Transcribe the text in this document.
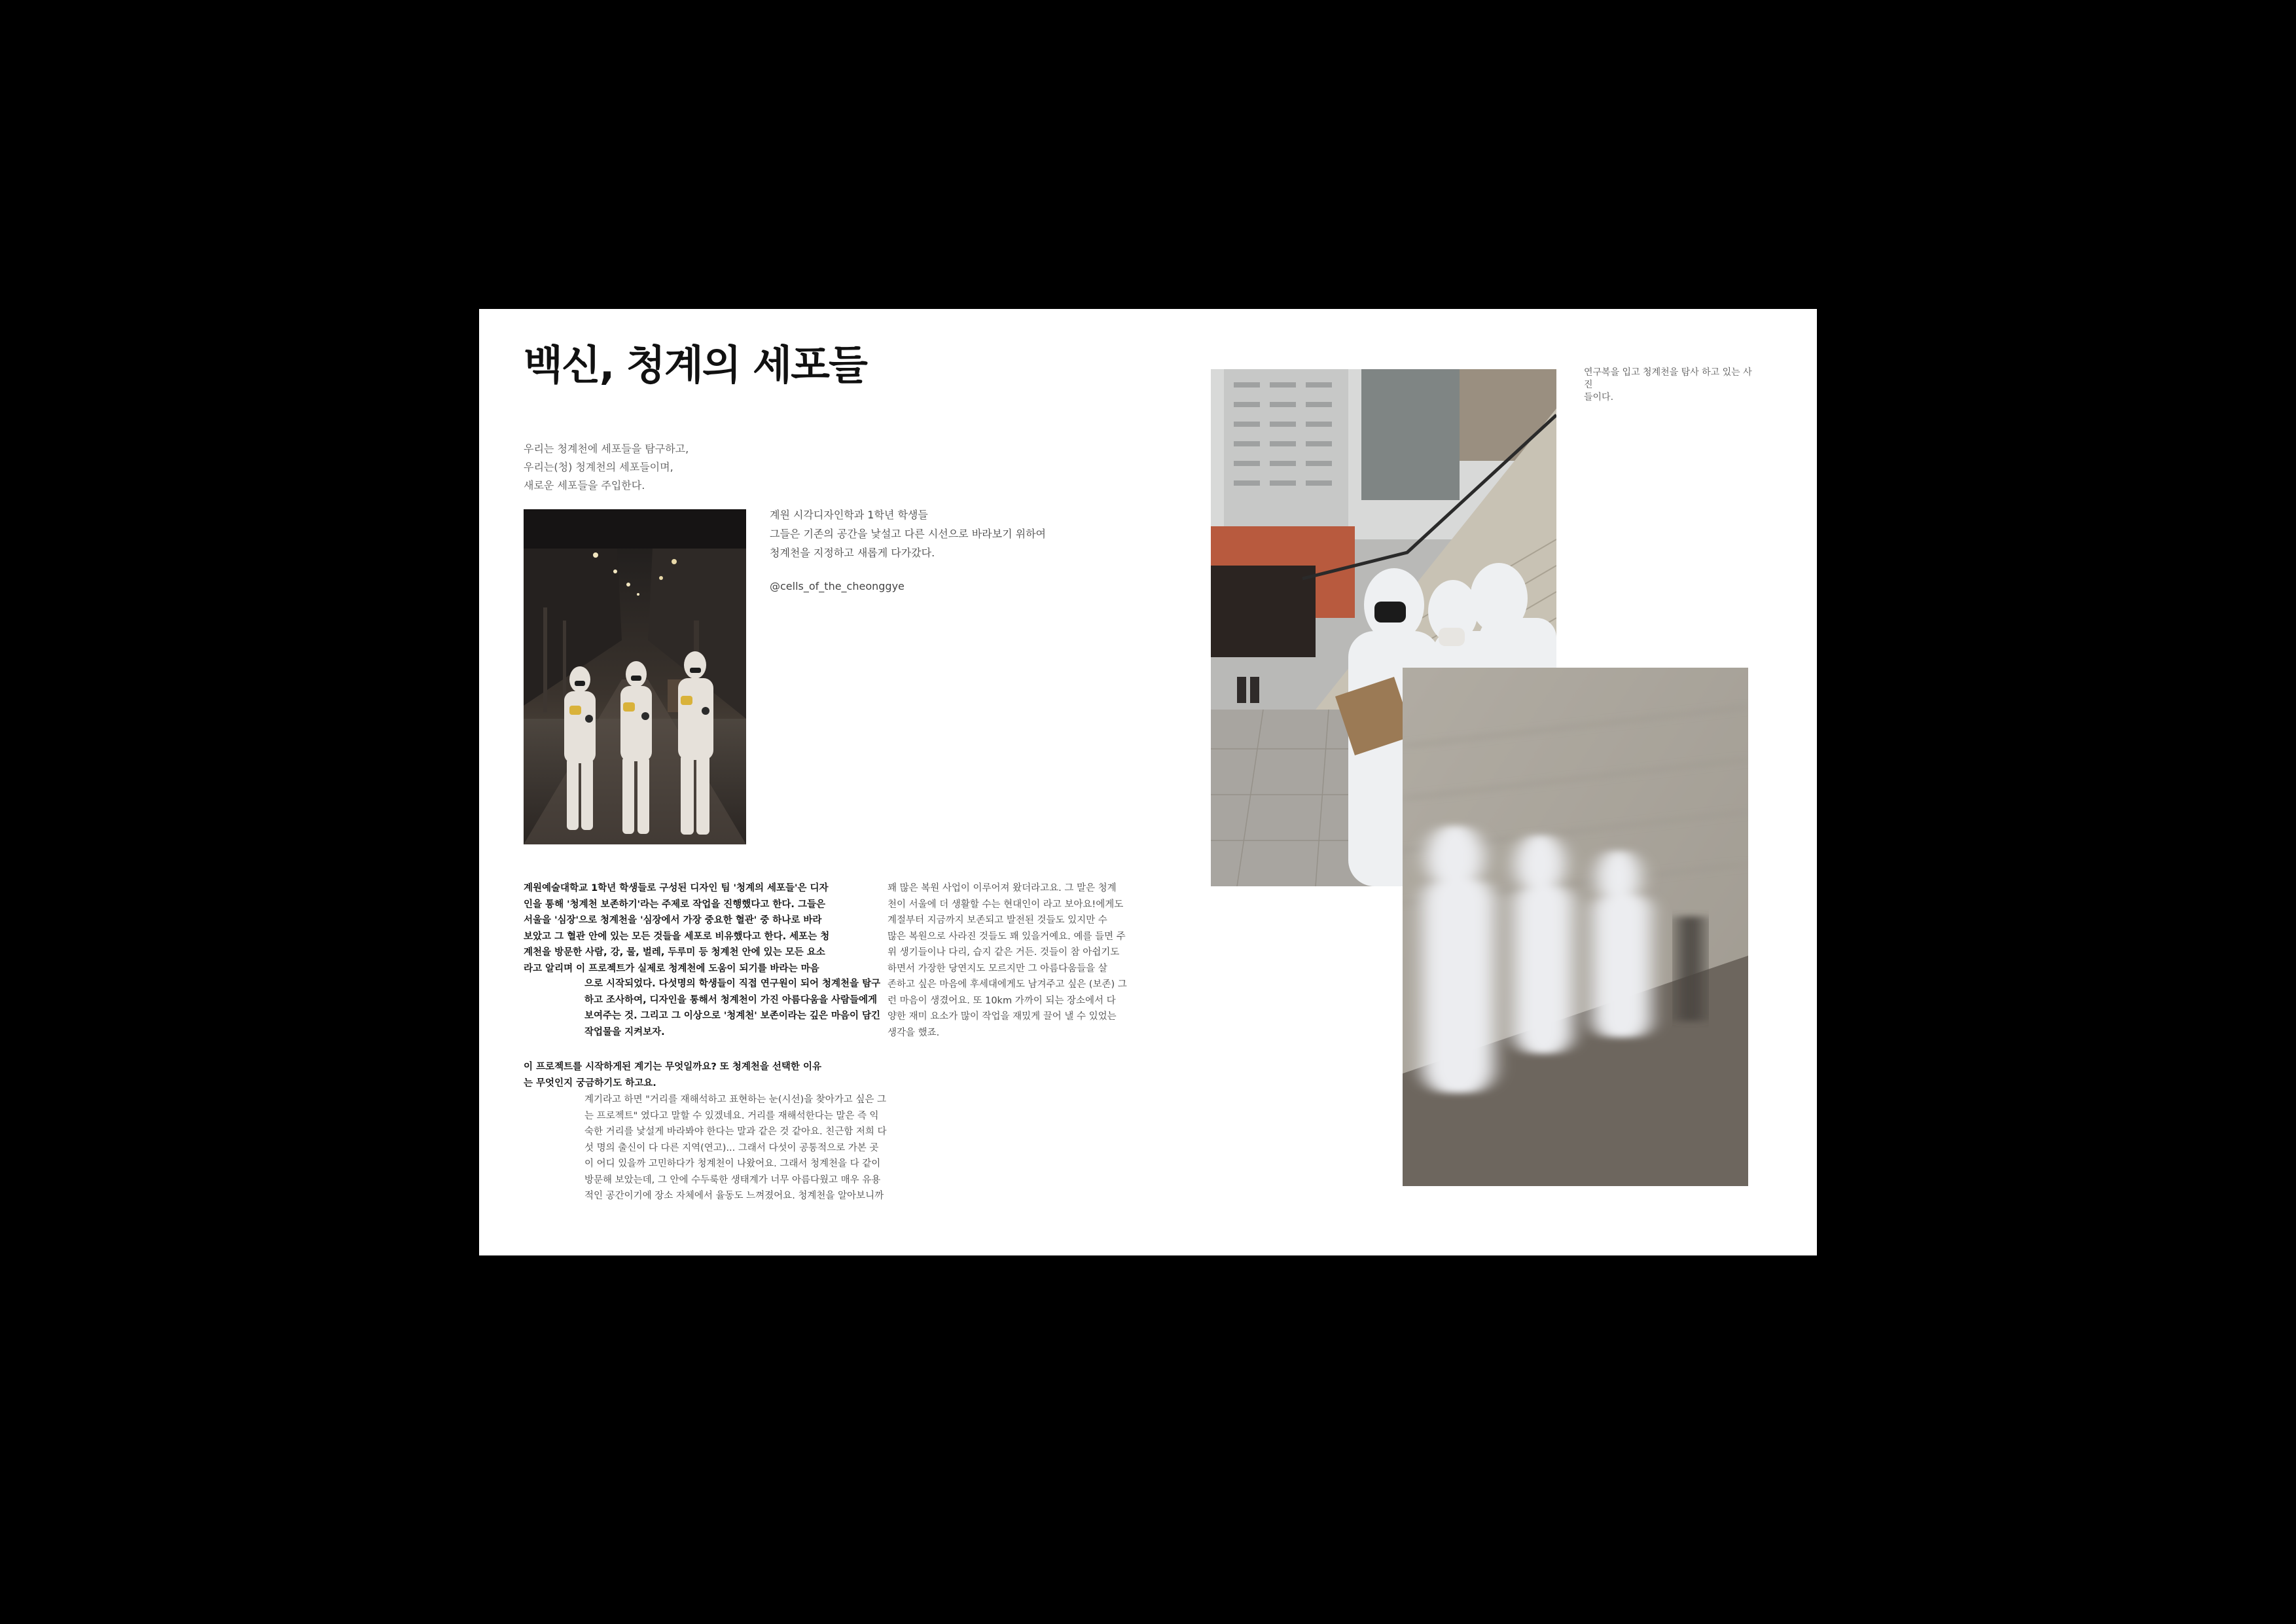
백신, 청계의 세포들
우리는 청계천에 세포들을 탐구하고,
우리는(청) 청계천의 세포들이며,
새로운 세포들을 주입한다.
계원 시각디자인학과 1학년 학생들
그들은 기존의 공간을 낯설고 다른 시선으로 바라보기 위하여
청계천을 지정하고 새롭게 다가갔다.
@cells_of_the_cheonggye
연구복을 입고 청계천을 탐사 하고 있는 사진
들이다.
계원예술대학교 1학년 학생들로 구성된 디자인 팀 '청계의 세포들'은 디자
인을 통해 '청계천 보존하기'라는 주제로 작업을 진행했다고 한다. 그들은
서울을 '심장'으로 청계천을 '심장에서 가장 중요한 혈관' 중 하나로 바라
보았고 그 혈관 안에 있는 모든 것들을 세포로 비유했다고 한다. 세포는 청
계천을 방문한 사람, 강, 물, 벌레, 두루미 등 청계천 안에 있는 모든 요소
라고 알리며 이 프로젝트가 실제로 청계천에 도움이 되기를 바라는 마음
으로 시작되었다. 다섯명의 학생들이 직접 연구원이 되어 청계천을 탐구
하고 조사하여, 디자인을 통해서 청계천이 가진 아름다움을 사람들에게
보여주는 것. 그리고 그 이상으로 '청계천' 보존이라는 깊은 마음이 담긴
작업물을 지켜보자.
이 프로젝트를 시작하게된 계기는 무엇일까요? 또 청계천을 선택한 이유
는 무엇인지 궁금하기도 하고요.
계기라고 하면 "거리를 재해석하고 표현하는 눈(시선)을 찾아가고 싶은 그
는 프로젝트" 였다고 말할 수 있겠네요. 거리를 재해석한다는 말은 즉 익
숙한 거리를 낯설게 바라봐야 한다는 말과 같은 것 같아요. 친근함 저희 다
섯 명의 출신이 다 다른 지역(연고)... 그래서 다섯이 공통적으로 가본 곳
이 어디 있을까 고민하다가 청계천이 나왔어요. 그래서 청계천을 다 같이
방문해 보았는데, 그 안에 수두룩한 생태계가 너무 아름다웠고 매우 유용
적인 공간이기에 장소 자체에서 율동도 느껴졌어요. 청계천을 알아보니까
꽤 많은 복원 사업이 이루어져 왔더라고요. 그 말은 청계
천이 서울에 더 생활할 수는 현대인이 라고 보아요!에게도
계절부터 지금까지 보존되고 발전된 것들도 있지만 수
많은 복원으로 사라진 것들도 꽤 있을거예요. 예를 들면 주
위 생기들이나 다리, 습지 같은 거든. 것들이 참 아쉽기도
하면서 가장한 당연지도 모르지만 그 아름다움들을 살
존하고 싶은 마음에 후세대에게도 남겨주고 싶은 (보존) 그
런 마음이 생겼어요. 또 10km 가까이 되는 장소에서 다
양한 재미 요소가 많이 작업을 재밌게 끌어 낼 수 있었는
생각을 했죠.
